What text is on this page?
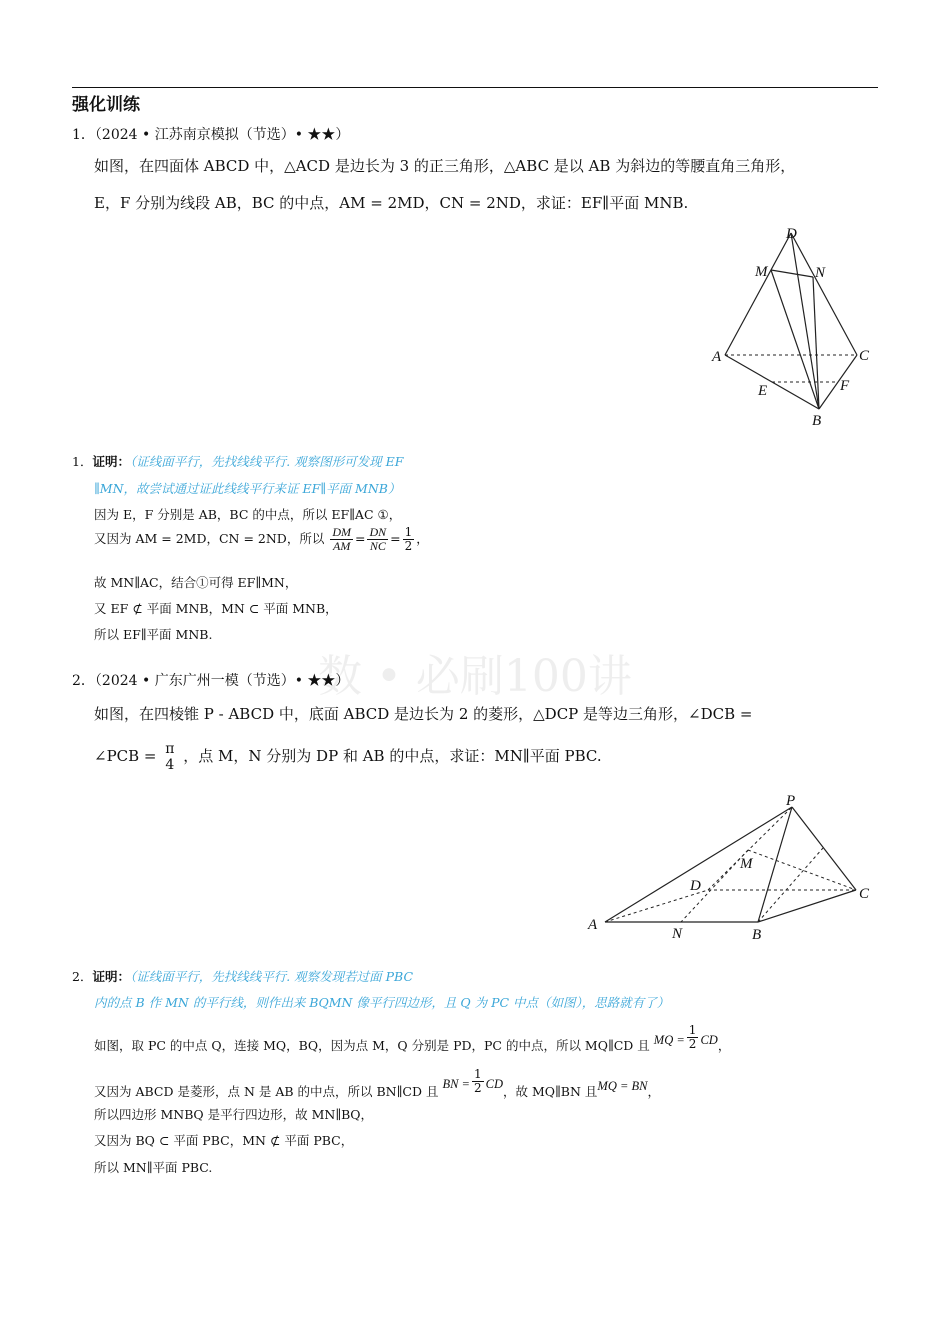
强化训练
数 • 必刷100讲
1．（2024 • 江苏南京模拟（节选）• ★★）
如图，在四面体 ABCD 中，△ACD 是边长为 3 的正三角形，△ABC 是以 AB 为斜边的等腰直角三角形，
E，F 分别为线段 AB，BC 的中点，AM = 2MD，CN = 2ND，求证：EF∥平面 MNB.
D
M	N
A	C
E	F
B
1．证明：（证线面平行，先找线线平行. 观察图形可发现 EF
∥MN，故尝试通过证此线线平行来证 EF∥平面 MNB）
因为 E，F 分别是 AB，BC 的中点，所以 EF∥AC ①，
又因为 AM = 2MD，CN = 2ND，所以 $\frac{DM}{AM} = \frac{DN}{NC} = \frac{1}{2}$ ，
故 MN∥AC，结合①可得 EF∥MN，
又 EF ⊄ 平面 MNB，MN ⊂ 平面 MNB，
所以 EF∥平面 MNB.
2．（2024 • 广东广州一模（节选）• ★★）
如图，在四棱锥 P - ABCD 中，底面 ABCD 是边长为 2 的菱形，△DCP 是等边三角形，∠DCB =
∠PCB = π
4 ，点 M，N 分别为 DP 和 AB 的中点，求证：MN∥平面 PBC.
P
M
D	C
A
N	B
2．证明：（证线面平行，先找线线平行. 观察发现若过面 PBC
内的点 B 作 MN 的平行线，则作出来 BQMN 像平行四边形，且 Q 为 PC 中点（如图），思路就有了）
如图，取 PC 的中点 Q，连接 MQ，BQ，因为点 M，Q 分别是 PD，PC 的中点，所以 MQ∥CD 且 MQ = $\frac{1}{2}$ CD，
又因为 ABCD 是菱形，点 N 是 AB 的中点，所以 BN∥CD 且 BN = $\frac{1}{2}$ CD，故 MQ∥BN 且MQ = BN，
所以四边形 MNBQ 是平行四边形，故 MN∥BQ，
又因为 BQ ⊂ 平面 PBC，MN ⊄ 平面 PBC，
所以 MN∥平面 PBC.
